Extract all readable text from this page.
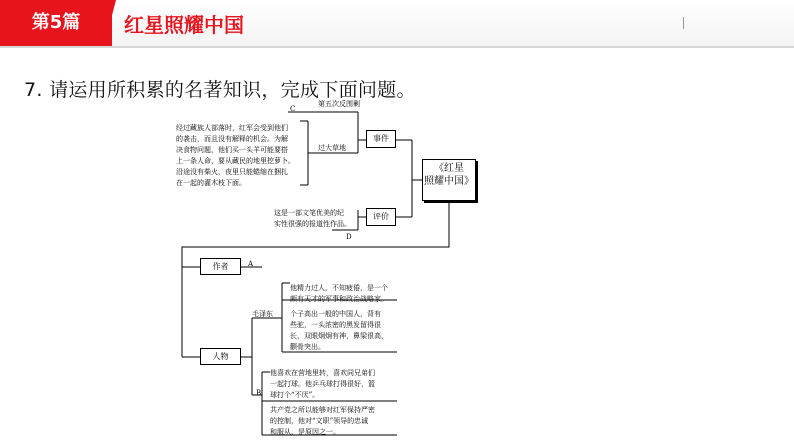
第5篇	红星照耀中国
7. 请运用所积累的名著知识，完成下面问题。
《红星
照耀中国》
事件
评价
作者
人物
第五次反围剿
C
过大草地
经过藏族人部落时，红军会受到他们
的袭击，而且没有解释的机会。为解
决食物问题，他们买一头羊可能要搭
上一条人命，要从藏民的地里挖萝卜。
沿途没有柴火，夜里只能蜷缩在捆扎
在一起的灌木枝下面。
这是一部文笔优美的纪
实性很强的报道性作品。
D
A
毛泽东
他精力过人，不知疲倦，是一个
颇有天才的军事和政治战略家。
个子高出一般的中国人，背有
些驼，一头浓密的黑发留得很
长，双眼炯炯有神，鼻梁很高，
颧骨突出。
B
他喜欢在营地里转，喜欢同兄弟们
一起打球。他乒乓球打得很好，篮
球打个“不厌”。
共产党之所以能够对红军保持严密
的控制，他对“文职”领导的忠诚
和服从，是原因之一。
